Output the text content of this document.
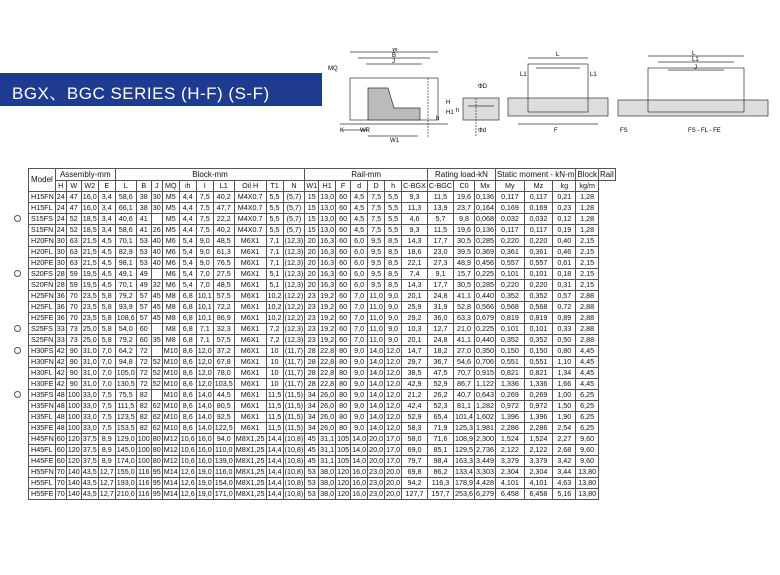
BGX、BGC SERIES (H-F) (S-F)
MQ
W
B
J
H
H1
h
WR
K
W1
ΦD
Φd
h
L1
L
L1
F
L
L1
J
FS	FS - FL - FE
Model	Assembly-mm				Block-mm										Rail-mm							Rating load-kN			Static moment - kN-m			Block	Rail
	H	W	W2	E	L	B	J	MQ	ih	I	L1	Oil H	T1	N	W1	H1	F	d	D	h	C-BGX	C-BGC	C0	Mx	My	Mz	kg	kg/m	
H15FN	24	47	16,0	3,4	58,6	38	30	M5	4,4	7,5	40,2	M4X0.7	5,5	(5,7)	15	13,0	60	4,5	7,5	5,5	9,3	11,5	19,6	0,136	0,117	0,117	0,21	1,28	
H15FL	24	47	16,0	3,4	66,1	38	30	M5	4,4	7,5	47,7	M4X0.7	5,5	(5,7)	15	13,0	60	4,5	7,5	5,5	11,3	13,9	23,7	0,164	0,169	0,169	0,23	1,28	
S15FS	24	52	18,5	3,4	40,6	41		M5	4,4	7,5	22,2	M4X0.7	5,5	(5,7)	15	13,0	60	4,5	7,5	5,5	4,6	5,7	9,8	0,068	0,032	0,032	0,12	1,28	
S15FN	24	52	18,5	3,4	58,6	41	26	M5	4,4	7,5	40,2	M4X0.7	5,5	(5,7)	15	13,0	60	4,5	7,5	5,5	9,3	11,5	19,6	0,136	0,117	0,117	0,19	1,28	
H20FN	30	63	21,5	4,5	70,1	53	40	M6	5,4	9,0	48,5	M6X1	7,1	(12,3)	20	16,3	60	6,0	9,5	8,5	14,3	17,7	30,5	0,285	0,220	0,220	0,40	2,15	
H20FL	30	63	21,5	4,5	82,9	53	40	M6	5,4	9,0	61,3	M6X1	7,1	(12,3)	20	16,3	60	6,0	9,5	8,5	18,6	23,0	39,5	0,369	0,361	0,361	0,46	2,15	
H20FE	30	63	21,5	4,5	98,1	53	40	M6	5,4	9,0	76,5	M6X1	7,1	(12,3)	20	16,3	60	6,0	9,5	8,5	22,1	27,3	48,9	0,456	0,557	0,557	0,61	2,15	
S20FS	28	59	19,5	4,5	49,1	49		M6	5,4	7,0	27,5	M6X1	5,1	(12,3)	20	16,3	60	6,0	9,5	8,5	7,4	9,1	15,7	0,225	0,101	0,101	0,18	2,15	
S20FN	28	59	19,5	4,5	70,1	49	32	M6	5,4	7,0	48,5	M6X1	5,1	(12,3)	20	16,3	60	6,0	9,5	8,5	14,3	17,7	30,5	0,285	0,220	0,220	0,31	2,15	
H25FN	36	70	23,5	5,8	79,2	57	45	M8	6,8	10,1	57,5	M6X1	10,2	(12,2)	23	19,2	60	7,0	11,0	9,0	20,1	24,8	41,1	0,440	0,352	0,352	0,57	2,88	
H25FL	36	70	23,5	5,8	93,9	57	45	M8	6,8	10,1	72,2	M6X1	10,2	(12,2)	23	19,2	60	7,0	11,0	9,0	25,9	31,9	52,8	0,566	0,568	0,568	0,72	2,88	
H25FE	36	70	23,5	5,8	108,6	57	45	M8	6,8	10,1	86,9	M6X1	10,2	(12,2)	23	19,2	60	7,0	11,0	9,0	29,2	36,0	63,3	0,679	0,819	0,819	0,89	2,88	
S25FS	33	73	25,0	5,8	54,0	60		M8	6,8	7,1	32,3	M6X1	7,2	(12,3)	23	19,2	60	7,0	11,0	9,0	10,3	12,7	21,0	0,225	0,101	0,101	0,33	2,88	
S25FN	33	73	25,0	5,8	79,2	60	35	M8	6,8	7,1	57,5	M6X1	7,2	(12,3)	23	19,2	60	7,0	11,0	9,0	20,1	24,8	41,1	0,440	0,352	0,352	0,50	2,88	
H30FS	42	90	31,0	7,0	64,2	72		M10	8,6	12,0	37,2	M6X1	10	(11,7)	28	22,8	80	9,0	14,0	12,0	14,7	18,2	27,0	0,350	0,150	0,150	0,80	4,45	
H30FN	42	90	31,0	7,0	94,8	72	52	M10	8,6	12,0	67,8	M6X1	10	(11,7)	28	22,8	80	9,0	14,0	12,0	29,7	36,7	54,6	0,706	0,551	0,551	1,10	4,45	
H30FL	42	90	31,0	7,0	105,0	72	52	M10	8,6	12,0	78,0	M6X1	10	(11,7)	28	22,8	80	9,0	14,0	12,0	38,5	47,5	70,7	0,915	0,821	0,821	1,34	4,45	
H30FE	42	90	31,0	7,0	130,5	72	52	M10	8,6	12,0	103,5	M6X1	10	(11,7)	28	22,8	80	9,0	14,0	12,0	42,9	52,9	86,7	1,122	1,336	1,336	1,66	4,45	
H35FS	48	100	33,0	7,5	75,5	82		M10	8,6	14,0	44,5	M6X1	11,5	(11,5)	34	26,0	80	9,0	14,0	12,0	21,2	26,2	40,7	0,643	0,269	0,269	1,00	6,25	
H35FN	48	100	33,0	7,5	111,5	82	62	M10	8,6	14,0	80,5	M6X1	11,5	(11,5)	34	26,0	80	9,0	14,0	12,0	42,4	52,3	81,1	1,282	0,972	0,972	1,50	6,25	
H35FL	48	100	33,0	7,5	123,5	82	62	M10	8,6	14,0	92,5	M6X1	11,5	(11,5)	34	26,0	80	9,0	14,0	12,0	52,9	65,4	101,4	1,602	1,396	1,396	1,90	6,25	
H35FE	48	100	33,0	7,5	153,5	82	62	M10	8,6	14,0	122,5	M6X1	11,5	(11,5)	34	26,0	80	9,0	14,0	12,0	58,3	71,9	125,3	1,981	2,286	2,286	2,54	6,25	
H45FN	60	120	37,5	8,9	129,0	100	80	M12	10,6	16,0	94,0	M8X1,25	14,4	(10,8)	45	31,1	105	14,0	20,0	17,0	58,0	71,6	108,9	2,300	1,524	1,524	2,27	9,60	
H45FL	60	120	37,5	8,9	145,0	100	80	M12	10,6	16,0	110,0	M8X1,25	14,4	(10,8)	45	31,1	105	14,0	20,0	17,0	69,0	85,1	129,5	2,736	2,122	2,122	2,68	9,60	
H45FE	60	120	37,5	8,9	174,0	100	80	M12	10,6	16,0	139,0	M8X1,25	14,4	(10,8)	45	31,1	105	14,0	20,0	17,0	79,7	98,4	163,3	3,449	3,379	3,379	3,42	9,60	
H55FN	70	140	43,5	12,7	155,0	116	95	M14	12,6	19,0	116,0	M8X1,25	14,4	(10,8)	53	38,0	120	16,0	23,0	20,0	69,8	86,2	133,4	3,303	2,304	2,304	3,44	13,80	
H55FL	70	140	43,5	12,7	193,0	116	95	M14	12,6	19,0	154,0	M8X1,25	14,4	(10,8)	53	38,0	120	16,0	23,0	20,0	94,2	116,3	178,9	4,428	4,101	4,101	4,63	13,80	
H55FE	70	140	43,5	12,7	210,0	116	95	M14	12,6	19,0	171,0	M8X1,25	14,4	(10,8)	53	38,0	120	16,0	23,0	20,0	127,7	157,7	253,6	6,279	6,458	6,458	5,16	13,80	
